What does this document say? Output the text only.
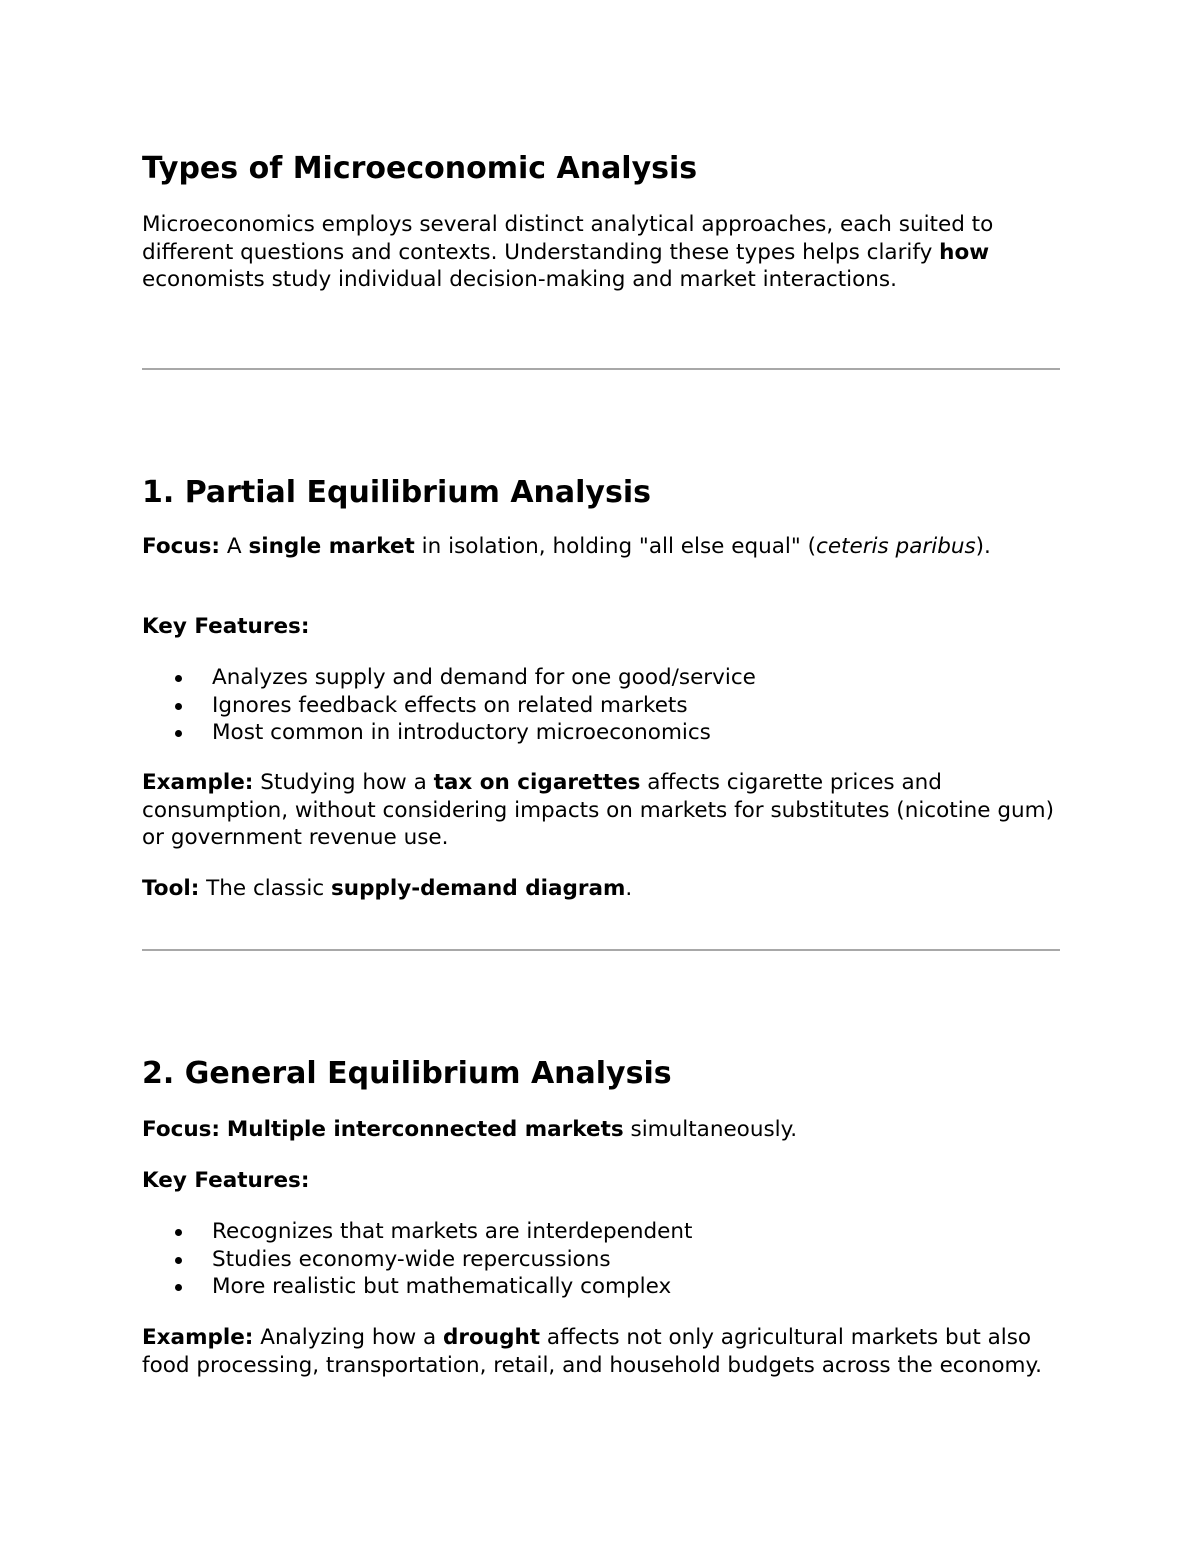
Types of Microeconomic Analysis

Microeconomics employs several distinct analytical approaches, each suited to different questions and contexts. Understanding these types helps clarify how economists study individual decision-making and market interactions.

1. Partial Equilibrium Analysis

Focus: A single market in isolation, holding "all else equal" (ceteris paribus).

Key Features:

Analyzes supply and demand for one good/service
Ignores feedback effects on related markets
Most common in introductory microeconomics

Example: Studying how a tax on cigarettes affects cigarette prices and consumption, without considering impacts on markets for substitutes (nicotine gum) or government revenue use.

Tool: The classic supply-demand diagram.

2. General Equilibrium Analysis

Focus: Multiple interconnected markets simultaneously.

Key Features:

Recognizes that markets are interdependent
Studies economy-wide repercussions
More realistic but mathematically complex

Example: Analyzing how a drought affects not only agricultural markets but also food processing, transportation, retail, and household budgets across the economy.
